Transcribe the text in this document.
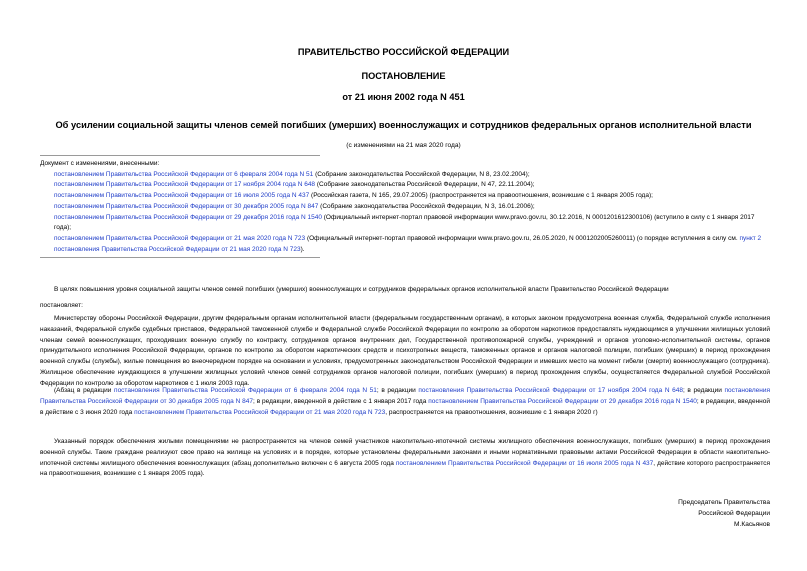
ПРАВИТЕЛЬСТВО РОССИЙСКОЙ ФЕДЕРАЦИИ
ПОСТАНОВЛЕНИЕ
от 21 июня 2002 года N 451
Об усилении социальной защиты членов семей погибших (умерших) военнослужащих и сотрудников федеральных органов исполнительной власти
(с изменениями на 21 мая 2020 года)
Документ с изменениями, внесенными:
постановлением Правительства Российской Федерации от 6 февраля 2004 года N 51 (Собрание законодательства Российской Федерации, N 8, 23.02.2004);
постановлением Правительства Российской Федерации от 17 ноября 2004 года N 648 (Собрание законодательства Российской Федерации, N 47, 22.11.2004);
постановлением Правительства Российской Федерации от 16 июля 2005 года N 437 (Российская газета, N 165, 29.07.2005) (распространяется на правоотношения, возникшие с 1 января 2005 года);
постановлением Правительства Российской Федерации от 30 декабря 2005 года N 847 (Собрание законодательства Российской Федерации, N 3, 16.01.2006);
постановлением Правительства Российской Федерации от 29 декабря 2016 года N 1540 (Официальный интернет-портал правовой информации www.pravo.gov.ru, 30.12.2016, N 0001201612300106) (вступило в силу с 1 января 2017 года);
постановлением Правительства Российской Федерации от 21 мая 2020 года N 723 (Официальный интернет-портал правовой информации www.pravo.gov.ru, 26.05.2020, N 0001202005260011) (о порядке вступления в силу см. пункт 2 постановления Правительства Российской Федерации от 21 мая 2020 года N 723).
В целях повышения уровня социальной защиты членов семей погибших (умерших) военнослужащих и сотрудников федеральных органов исполнительной власти Правительство Российской Федерации
постановляет:
Министерству обороны Российской Федерации, другим федеральным органам исполнительной власти (федеральным государственным органам), в которых законом предусмотрена военная служба, Федеральной службе исполнения наказаний, Федеральной службе судебных приставов, Федеральной таможенной службе и Федеральной службе Российской Федерации по контролю за оборотом наркотиков предоставлять нуждающимся в улучшении жилищных условий членам семей военнослужащих, проходивших военную службу по контракту, сотрудников органов внутренних дел, Государственной противопожарной службы, учреждений и органов уголовно-исполнительной системы, органов принудительного исполнения Российской Федерации, органов по контролю за оборотом наркотических средств и психотропных веществ, таможенных органов и органов налоговой полиции, погибших (умерших) в период прохождения военной службы (службы), жилые помещения во внеочередном порядке на основании и условиях, предусмотренных законодательством Российской Федерации и имевших место на момент гибели (смерти) военнослужащего (сотрудника). Жилищное обеспечение нуждающихся в улучшении жилищных условий членов семей сотрудников органов налоговой полиции, погибших (умерших) в период прохождения службы, осуществляется Федеральной службой Российской Федерации по контролю за оборотом наркотиков с 1 июля 2003 года.
(Абзац в редакции постановления Правительства Российской Федерации от 6 февраля 2004 года N 51; в редакции постановления Правительства Российской Федерации от 17 ноября 2004 года N 648; в редакции постановления Правительства Российской Федерации от 30 декабря 2005 года N 847; в редакции, введенной в действие с 1 января 2017 года постановлением Правительства Российской Федерации от 29 декабря 2016 года N 1540; в редакции, введенной в действие с 3 июня 2020 года постановлением Правительства Российской Федерации от 21 мая 2020 года N 723, распространяется на правоотношения, возникшие с 1 января 2020 г)
Указанный порядок обеспечения жилыми помещениями не распространяется на членов семей участников накопительно-ипотечной системы жилищного обеспечения военнослужащих, погибших (умерших) в период прохождения военной службы. Такие граждане реализуют свое право на жилище на условиях и в порядке, которые установлены федеральными законами и иными нормативными правовыми актами Российской Федерации в области накопительно-ипотечной системы жилищного обеспечения военнослужащих (абзац дополнительно включен с 6 августа 2005 года постановлением Правительства Российской Федерации от 16 июля 2005 года N 437, действие которого распространяется на правоотношения, возникшие с 1 января 2005 года).
Председатель Правительства
Российской Федерации
М.Касьянов
